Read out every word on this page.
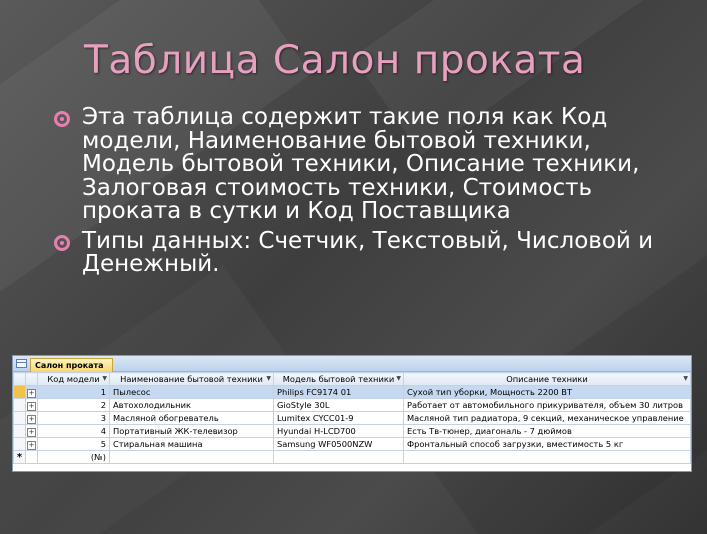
Таблица Салон проката
Эта таблица содержит такие поля как Код модели, Наименование бытовой техники, Модель бытовой техники, Описание техники, Залоговая стоимость техники, Стоимость проката в сутки и Код Поставщика
Типы данных: Счетчик, Текстовый, Числовой и Денежный.
Салон проката
		Код модели ▼	Наименование бытовой техники ▼	Модель бытовой техники ▼	Описание техники ▼

	+	1	Пылесос	Philips FC9174 01	Сухой тип уборки, Мощность 2200 ВТ
	+	2	Автохолодильник	GioStyle 30L	Работает от автомобильного прикуривателя, объем 30 литров
	+	3	Масляной обогреватель	Lumitex CYCC01-9	Масляной тип радиатора, 9 секций, механическое управление
	+	4	Портативный ЖК-телевизор	Hyundai H-LCD700	Есть Тв-тюнер, диагональ - 7 дюймов
	+	5	Стиральная машина	Samsung WF0500NZW	Фронтальный способ загрузки, вместимость 5 кг
*		(№)			
